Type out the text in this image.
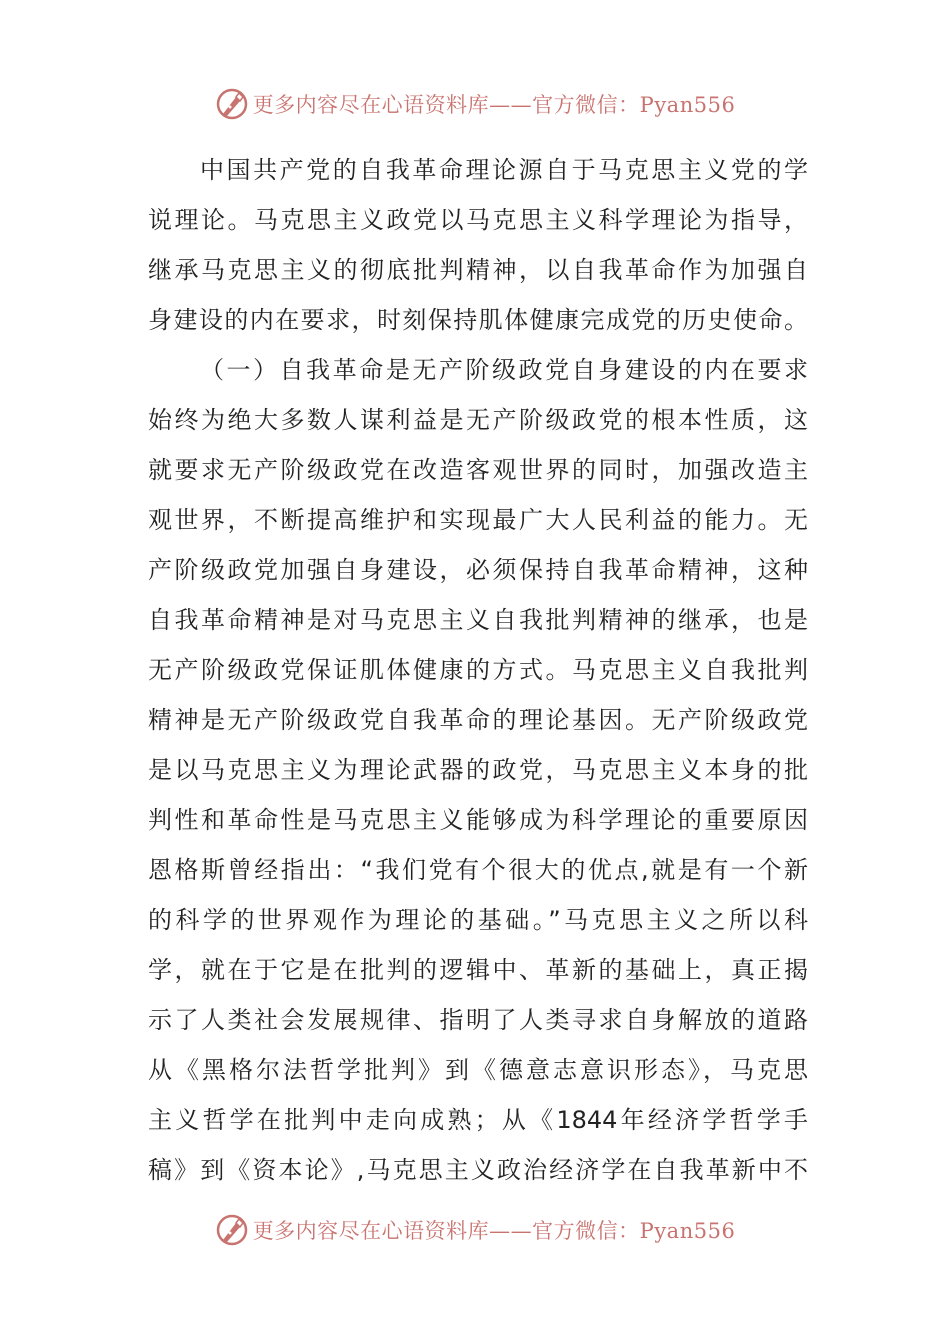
更多内容尽在心语资料库——官方微信：Pyan556
中国共产党的自我革命理论源自于马克思主义党的学
说理论。马克思主义政党以马克思主义科学理论为指导，
继承马克思主义的彻底批判精神，以自我革命作为加强自
身建设的内在要求，时刻保持肌体健康完成党的历史使命。
（一）自我革命是无产阶级政党自身建设的内在要求
始终为绝大多数人谋利益是无产阶级政党的根本性质，这
就要求无产阶级政党在改造客观世界的同时，加强改造主
观世界，不断提高维护和实现最广大人民利益的能力。无
产阶级政党加强自身建设，必须保持自我革命精神，这种
自我革命精神是对马克思主义自我批判精神的继承，也是
无产阶级政党保证肌体健康的方式。马克思主义自我批判
精神是无产阶级政党自我革命的理论基因。无产阶级政党
是以马克思主义为理论武器的政党，马克思主义本身的批
判性和革命性是马克思主义能够成为科学理论的重要原因
恩格斯曾经指出：“我们党有个很大的优点,就是有一个新
的科学的世界观作为理论的基础。”马克思主义之所以科
学，就在于它是在批判的逻辑中、革新的基础上，真正揭
示了人类社会发展规律、指明了人类寻求自身解放的道路
从《黑格尔法哲学批判》到《德意志意识形态》，马克思
主义哲学在批判中走向成熟；从《1844年经济学哲学手
稿》到《资本论》,马克思主义政治经济学在自我革新中不
更多内容尽在心语资料库——官方微信：Pyan556
